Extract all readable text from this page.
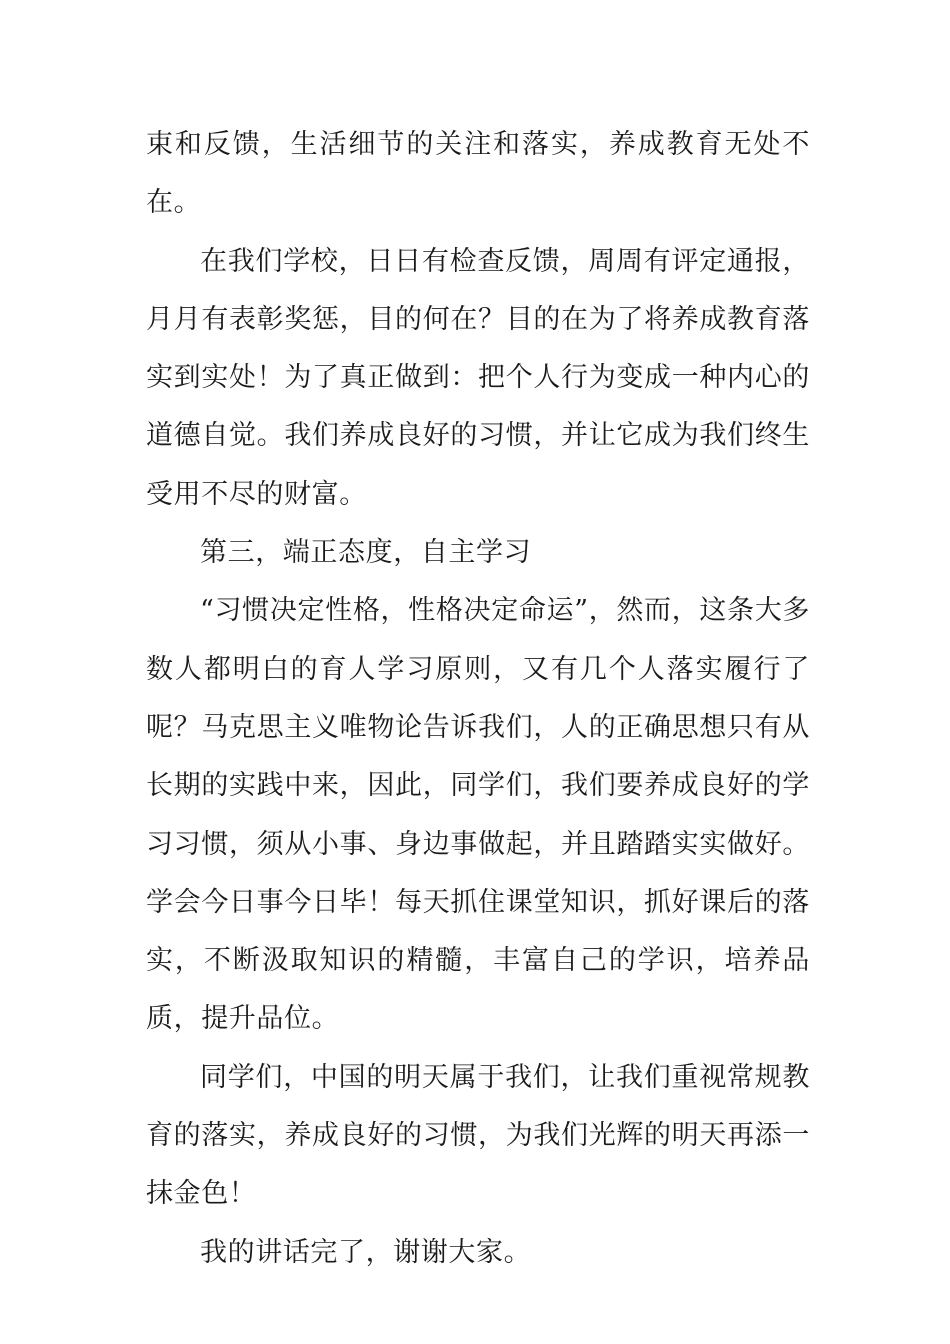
束和反馈，生活细节的关注和落实，养成教育无处不在。

在我们学校，日日有检查反馈，周周有评定通报，月月有表彰奖惩，目的何在？目的在为了将养成教育落实到实处！为了真正做到：把个人行为变成一种内心的道德自觉。我们养成良好的习惯，并让它成为我们终生受用不尽的财富。

第三，端正态度，自主学习

“习惯决定性格，性格决定命运”，然而，这条大多数人都明白的育人学习原则，又有几个人落实履行了呢？马克思主义唯物论告诉我们，人的正确思想只有从长期的实践中来，因此，同学们，我们要养成良好的学习习惯，须从小事、身边事做起，并且踏踏实实做好。学会今日事今日毕！每天抓住课堂知识，抓好课后的落实，不断汲取知识的精髓，丰富自己的学识，培养品质，提升品位。

同学们，中国的明天属于我们，让我们重视常规教育的落实，养成良好的习惯，为我们光辉的明天再添一抹金色！

我的讲话完了，谢谢大家。
